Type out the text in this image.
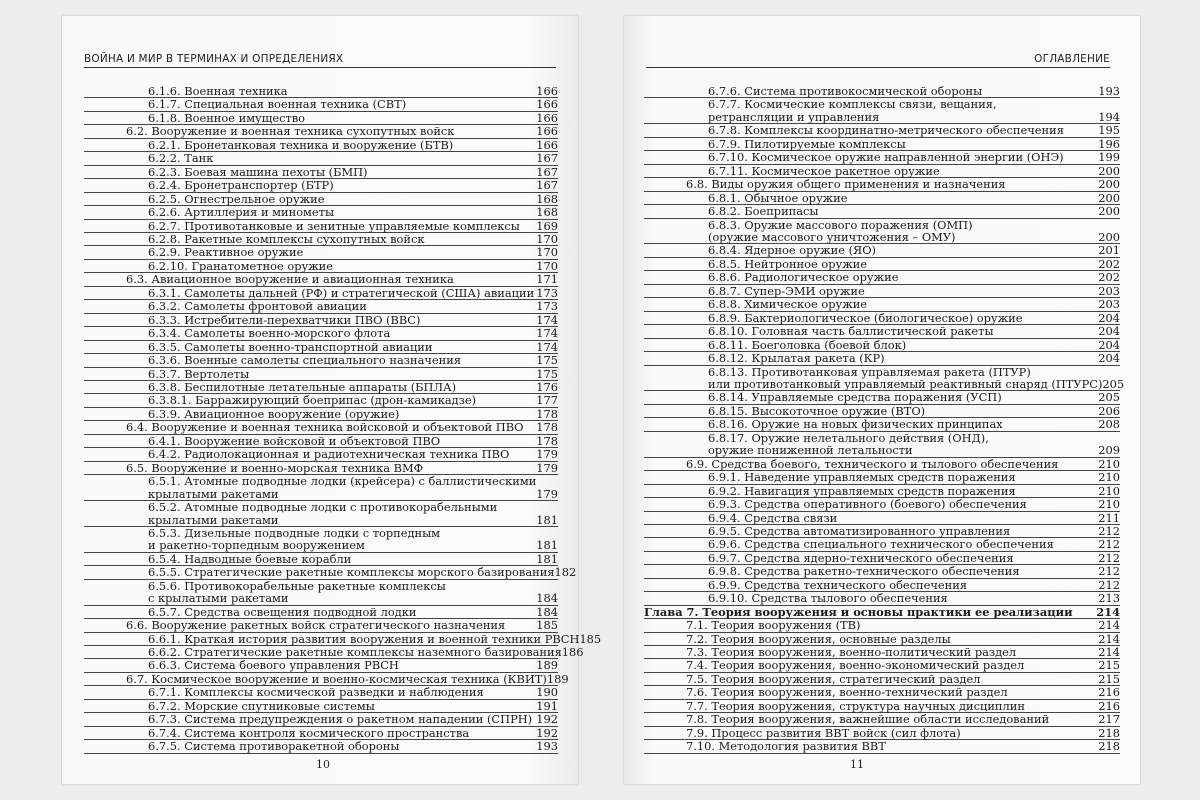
ВОЙНА И МИР В ТЕРМИНАХ И ОПРЕДЕЛЕНИЯХ
6.1.6. Военная техника	166
6.1.7. Специальная военная техника (СВТ)	166
6.1.8. Военное имущество	166
6.2. Вооружение и военная техника сухопутных войск	166
6.2.1. Бронетанковая техника и вооружение (БТВ)	166
6.2.2. Танк	167
6.2.3. Боевая машина пехоты (БМП)	167
6.2.4. Бронетранспортер (БТР)	167
6.2.5. Огнестрельное оружие	168
6.2.6. Артиллерия и минометы	168
6.2.7. Противотанковые и зенитные управляемые комплексы	169
6.2.8. Ракетные комплексы сухопутных войск	170
6.2.9. Реактивное оружие	170
6.2.10. Гранатометное оружие	170
6.3. Авиационное вооружение и авиационная техника	171
6.3.1. Самолеты дальней (РФ) и стратегической (США) авиации 173
6.3.2. Самолеты фронтовой авиации	173
6.3.3. Истребители-перехватчики ПВО (ВВС)	174
6.3.4. Самолеты военно-морского флота	174
6.3.5. Самолеты военно-транспортной авиации	174
6.3.6. Военные самолеты специального назначения	175
6.3.7. Вертолеты	175
6.3.8. Беспилотные летательные аппараты (БПЛА)	176
6.3.8.1. Барражирующий боеприпас (дрон-камикадзе)	177
6.3.9. Авиационное вооружение (оружие)	178
6.4. Вооружение и военная техника войсковой и объектовой ПВО	178
6.4.1. Вооружение войсковой и объектовой ПВО	178
6.4.2. Радиолокационная и радиотехническая техника ПВО	179
6.5. Вооружение и военно-морская техника ВМФ	179
6.5.1. Атомные подводные лодки (крейсера) с баллистическими
крылатыми ракетами	179
6.5.2. Атомные подводные лодки с противокорабельными
крылатыми ракетами	181
6.5.3. Дизельные подводные лодки с торпедным
и ракетно-торпедным вооружением	181
6.5.4. Надводные боевые корабли	181
6.5.5. Стратегические ракетные комплексы морского базирования 182
6.5.6. Противокорабельные ракетные комплексы
с крылатыми ракетами	184
6.5.7. Средства освещения подводной лодки	184
6.6. Вооружение ракетных войск стратегического назначения	185
6.6.1. Краткая история развития вооружения и военной техники РВСН 185
6.6.2. Стратегические ракетные комплексы наземного базирования 186
6.6.3. Система боевого управления РВСН	189
6.7. Космическое вооружение и военно-космическая техника (КВИТ) 189
6.7.1. Комплексы космической разведки и наблюдения	190
6.7.2. Морские спутниковые системы	191
6.7.3. Система предупреждения о ракетном нападении (СПРН) 192
6.7.4. Система контроля космического пространства	192
6.7.5. Система противоракетной обороны	193
10
ОГЛАВЛЕНИЕ
6.7.6. Система противокосмической обороны	193
6.7.7. Космические комплексы связи, вещания,
ретрансляции и управления	194
6.7.8. Комплексы координатно-метрического обеспечения	195
6.7.9. Пилотируемые комплексы	196
6.7.10. Космическое оружие направленной энергии (ОНЭ)	199
6.7.11. Космическое ракетное оружие	200
6.8. Виды оружия общего применения и назначения	200
6.8.1. Обычное оружие	200
6.8.2. Боеприпасы	200
6.8.3. Оружие массового поражения (ОМП)
(оружие массового уничтожения – ОМУ)	200
6.8.4. Ядерное оружие (ЯО)	201
6.8.5. Нейтронное оружие	202
6.8.6. Радиологическое оружие	202
6.8.7. Супер-ЭМИ оружие	203
6.8.8. Химическое оружие	203
6.8.9. Бактериологическое (биологическое) оружие	204
6.8.10. Головная часть баллистической ракеты	204
6.8.11. Боеголовка (боевой блок)	204
6.8.12. Крылатая ракета (КР)	204
6.8.13. Противотанковая управляемая ракета (ПТУР)
или противотанковый управляемый реактивный снаряд (ПТУРС) 205
6.8.14. Управляемые средства поражения (УСП)	205
6.8.15. Высокоточное оружие (ВТО)	206
6.8.16. Оружие на новых физических принципах	208
6.8.17. Оружие нелетального действия (ОНД),
оружие пониженной летальности	209
6.9. Средства боевого, технического и тылового обеспечения	210
6.9.1. Наведение управляемых средств поражения	210
6.9.2. Навигация управляемых средств поражения	210
6.9.3. Средства оперативного (боевого) обеспечения	210
6.9.4. Средства связи	211
6.9.5. Средства автоматизированного управления	212
6.9.6. Средства специального технического обеспечения	212
6.9.7. Средства ядерно-технического обеспечения	212
6.9.8. Средства ракетно-технического обеспечения	212
6.9.9. Средства технического обеспечения	212
6.9.10. Средства тылового обеспечения	213
Глава 7. Теория вооружения и основы практики ее реализации	214
7.1. Теория вооружения (ТВ)	214
7.2. Теория вооружения, основные разделы	214
7.3. Теория вооружения, военно-политический раздел	214
7.4. Теория вооружения, военно-экономический раздел	215
7.5. Теория вооружения, стратегический раздел	215
7.6. Теория вооружения, военно-технический раздел	216
7.7. Теория вооружения, структура научных дисциплин	216
7.8. Теория вооружения, важнейшие области исследований	217
7.9. Процесс развития ВВТ войск (сил флота)	218
7.10. Методология развития ВВТ	218
11
